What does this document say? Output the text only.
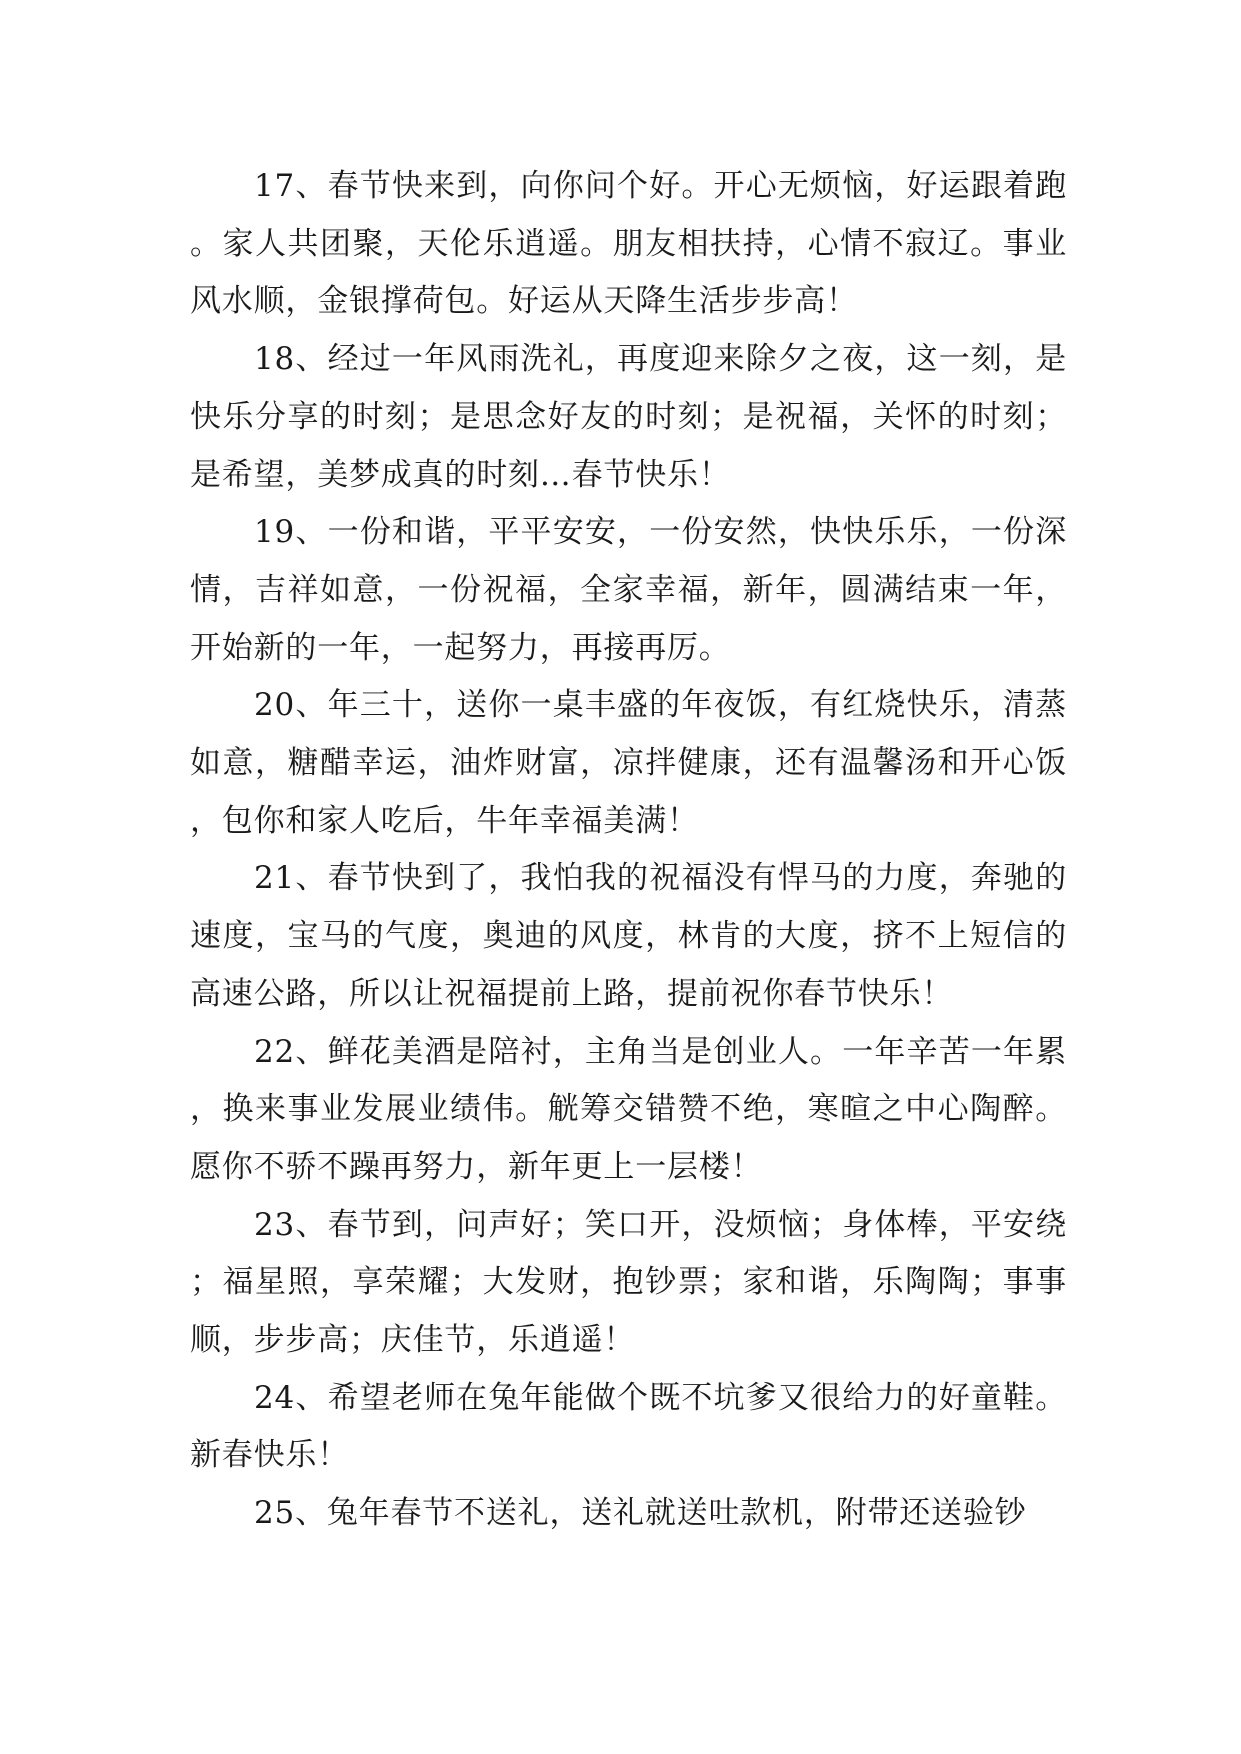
17、春节快来到，向你问个好。开心无烦恼，好运跟着跑。家人共团聚，天伦乐逍遥。朋友相扶持，心情不寂辽。事业风水顺，金银撑荷包。好运从天降生活步步高！

18、经过一年风雨洗礼，再度迎来除夕之夜，这一刻，是快乐分享的时刻；是思念好友的时刻；是祝福，关怀的时刻；是希望，美梦成真的时刻…春节快乐！

19、一份和谐，平平安安，一份安然，快快乐乐，一份深情，吉祥如意，一份祝福，全家幸福，新年，圆满结束一年，开始新的一年，一起努力，再接再厉。

20、年三十，送你一桌丰盛的年夜饭，有红烧快乐，清蒸如意，糖醋幸运，油炸财富，凉拌健康，还有温馨汤和开心饭，包你和家人吃后，牛年幸福美满！

21、春节快到了，我怕我的祝福没有悍马的力度，奔驰的速度，宝马的气度，奥迪的风度，林肯的大度，挤不上短信的高速公路，所以让祝福提前上路，提前祝你春节快乐！

22、鲜花美酒是陪衬，主角当是创业人。一年辛苦一年累，换来事业发展业绩伟。觥筹交错赞不绝，寒暄之中心陶醉。愿你不骄不躁再努力，新年更上一层楼！

23、春节到，问声好；笑口开，没烦恼；身体棒，平安绕；福星照，享荣耀；大发财，抱钞票；家和谐，乐陶陶；事事顺，步步高；庆佳节，乐逍遥！

24、希望老师在兔年能做个既不坑爹又很给力的好童鞋。新春快乐！

25、兔年春节不送礼，送礼就送吐款机，附带还送验钞
